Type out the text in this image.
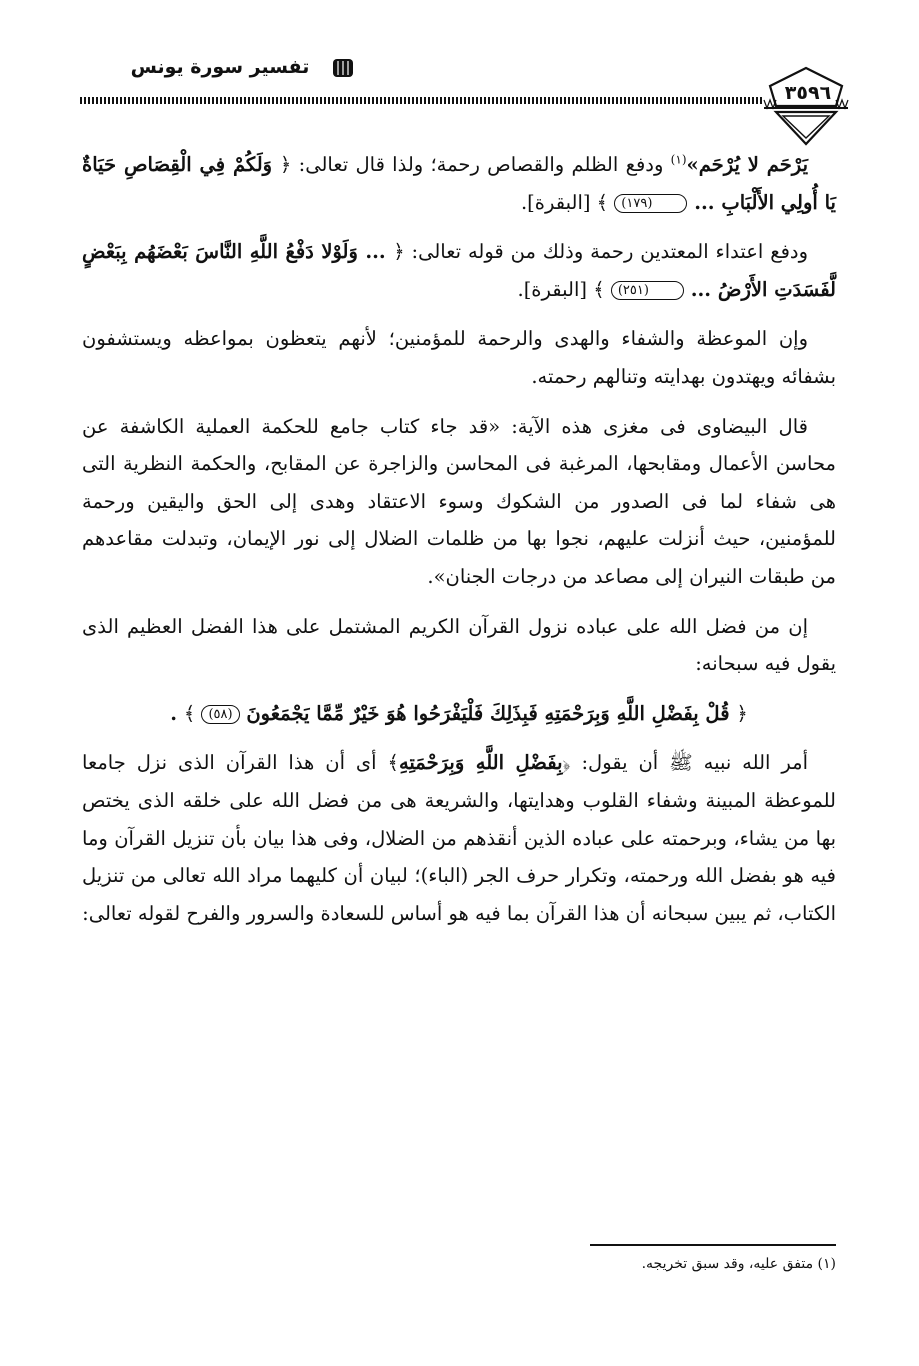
تفسير سورة يونس
٣٥٩٦

یَرْحَم لا یُرْحَم»$^{(١)}$ ودفع الظلم والقصاص رحمة؛ ولذا قال تعالى: ﴿ وَلَكُمْ فِي الْقِصَاصِ حَيَاةٌ يَا أُولِي الأَلْبَابِ ... (١٧٩) ﴾ [البقرة].

ودفع اعتداء المعتدين رحمة وذلك من قوله تعالى: ﴿ ... وَلَوْلا دَفْعُ اللَّهِ النَّاسَ بَعْضَهُم بِبَعْضٍ لَّفَسَدَتِ الأَرْضُ ... (٢٥١) ﴾ [البقرة].

وإن الموعظة والشفاء والهدى والرحمة للمؤمنين؛ لأنهم يتعظون بمواعظه ويستشفون بشفائه ويهتدون بهدايته وتنالهم رحمته.

قال البيضاوى فى مغزى هذه الآية: «قد جاء كتاب جامع للحكمة العملية الكاشفة عن محاسن الأعمال ومقابحها، المرغبة فى المحاسن والزاجرة عن المقابح، والحكمة النظرية التى هى شفاء لما فى الصدور من الشكوك وسوء الاعتقاد وهدى إلى الحق واليقين ورحمة للمؤمنين، حيث أنزلت عليهم، نجوا بها من ظلمات الضلال إلى نور الإيمان، وتبدلت مقاعدهم من طبقات النيران إلى مصاعد من درجات الجنان».

إن من فضل الله على عباده نزول القرآن الكريم المشتمل على هذا الفضل العظيم الذى يقول فيه سبحانه:

﴿ قُلْ بِفَضْلِ اللَّهِ وَبِرَحْمَتِهِ فَبِذَلِكَ فَلْيَفْرَحُوا هُوَ خَيْرٌ مِّمَّا يَجْمَعُونَ (٥٨) ﴾ .

أمر الله نبيه ﷺ أن يقول: ﴿بِفَضْلِ اللَّهِ وَبِرَحْمَتِهِ﴾ أى أن هذا القرآن الذى نزل جامعا للموعظة المبينة وشفاء القلوب وهدايتها، والشريعة هى من فضل الله على خلقه الذى يختص بها من يشاء، وبرحمته على عباده الذين أنقذهم من الضلال، وفى هذا بيان بأن تنزيل القرآن وما فيه هو بفضل الله ورحمته، وتكرار حرف الجر (الباء)؛ لبيان أن كليهما مراد الله تعالى من تنزيل الكتاب، ثم يبين سبحانه أن هذا القرآن بما فيه هو أساس للسعادة والسرور والفرح لقوله تعالى:

(١) متفق عليه، وقد سبق تخريجه.
